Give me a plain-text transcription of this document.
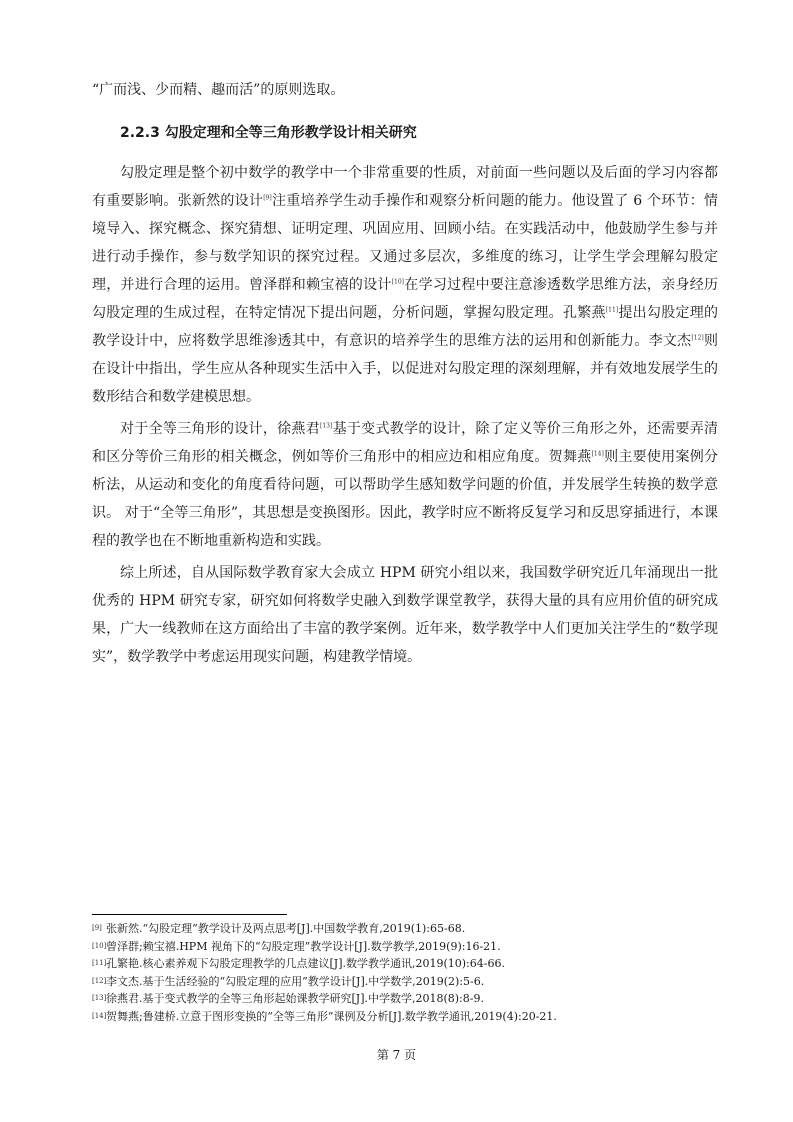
“广而浅、少而精、趣而活”的原则选取。

2.2.3 勾股定理和全等三角形教学设计相关研究

勾股定理是整个初中数学的教学中一个非常重要的性质，对前面一些问题以及后面的学习内容都有重要影响。张新然的设计[9]注重培养学生动手操作和观察分析问题的能力。他设置了 6 个环节：情境导入、探究概念、探究猜想、证明定理、巩固应用、回顾小结。在实践活动中，他鼓励学生参与并进行动手操作，参与数学知识的探究过程。又通过多层次，多维度的练习，让学生学会理解勾股定理，并进行合理的运用。曾泽群和赖宝禧的设计[10]在学习过程中要注意渗透数学思维方法，亲身经历勾股定理的生成过程，在特定情况下提出问题，分析问题，掌握勾股定理。孔繁燕[11]提出勾股定理的教学设计中，应将数学思维渗透其中，有意识的培养学生的思维方法的运用和创新能力。李文杰[12]则在设计中指出，学生应从各种现实生活中入手，以促进对勾股定理的深刻理解，并有效地发展学生的数形结合和数学建模思想。

对于全等三角形的设计，徐燕君[13]基于变式教学的设计，除了定义等价三角形之外，还需要弄清和区分等价三角形的相关概念，例如等价三角形中的相应边和相应角度。贺舞燕[14]则主要使用案例分析法，从运动和变化的角度看待问题，可以帮助学生感知数学问题的价值，并发展学生转换的数学意识。 对于“全等三角形”，其思想是变换图形。因此，教学时应不断将反复学习和反思穿插进行，本课程的教学也在不断地重新构造和实践。

综上所述，自从国际数学教育家大会成立 HPM 研究小组以来，我国数学研究近几年涌现出一批优秀的 HPM 研究专家，研究如何将数学史融入到数学课堂教学，获得大量的具有应用价值的研究成果，广大一线教师在这方面给出了丰富的教学案例。近年来，数学教学中人们更加关注学生的“数学现实”，数学教学中考虑运用现实问题，构建教学情境。

[9] 张新然.“勾股定理”教学设计及两点思考[J].中国数学教育,2019(1):65-68.
[10]曾泽群;赖宝禧.HPM 视角下的“勾股定理”教学设计[J].数学教学,2019(9):16-21.
[11]孔繁艳.核心素养观下勾股定理教学的几点建议[J].数学教学通讯,2019(10):64-66.
[12]李文杰.基于生活经验的“勾股定理的应用”教学设计[J].中学数学,2019(2):5-6.
[13]徐燕君.基于变式教学的全等三角形起始课教学研究[J].中学数学,2018(8):8-9.
[14]贺舞燕;鲁建桥.立意于图形变换的“全等三角形”课例及分析[J].数学教学通讯,2019(4):20-21.
第 7 页
